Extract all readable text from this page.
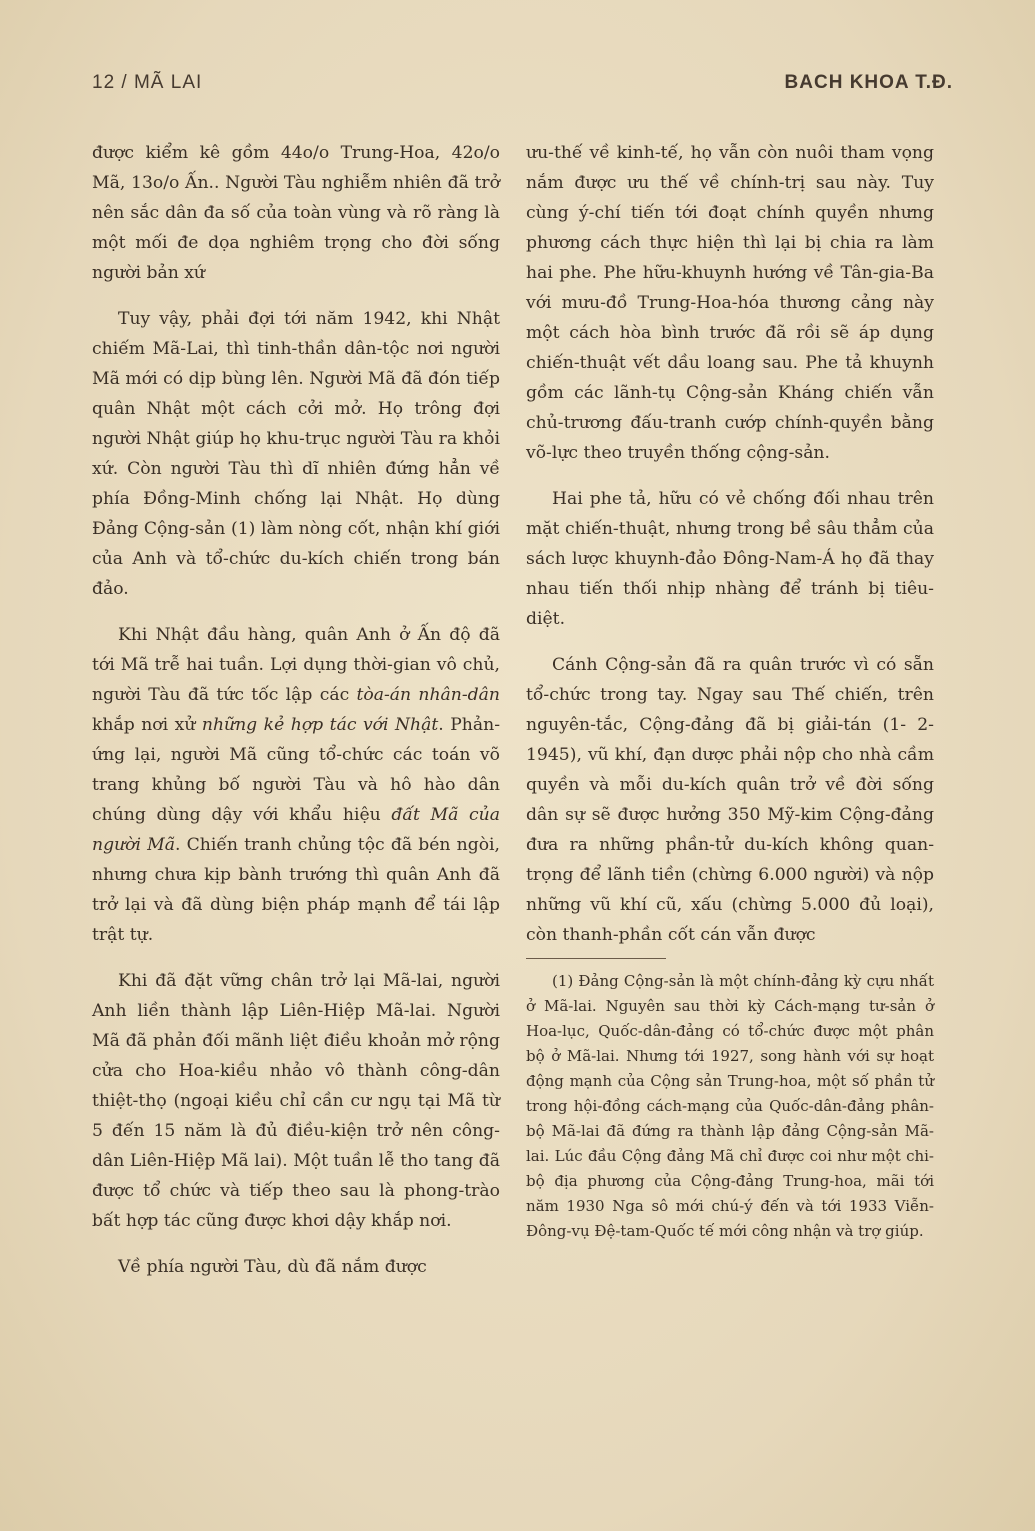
12 / MÃ LAI	BACH KHOA T.Đ.

được kiểm kê gồm 44o/o Trung-Hoa, 42o/o Mã, 13o/o Ấn.. Người Tàu nghiễm nhiên đã trở nên sắc dân đa số của toàn vùng và rõ ràng là một mối đe dọa nghiêm trọng cho đời sống người bản xứ

Tuy vậy, phải đợi tới năm 1942, khi Nhật chiếm Mã-Lai, thì tinh-thần dân-tộc nơi người Mã mới có dịp bùng lên. Người Mã đã đón tiếp quân Nhật một cách cởi mở. Họ trông đợi người Nhật giúp họ khu-trục người Tàu ra khỏi xứ. Còn người Tàu thì dĩ nhiên đứng hẳn về phía Đồng-Minh chống lại Nhật. Họ dùng Đảng Cộng-sản (1) làm nòng cốt, nhận khí giới của Anh và tổ-chức du-kích chiến trong bán đảo.

Khi Nhật đầu hàng, quân Anh ở Ấn độ đã tới Mã trễ hai tuần. Lợi dụng thời-gian vô chủ, người Tàu đã tức tốc lập các tòa-án nhân-dân khắp nơi xử những kẻ hợp tác với Nhật. Phản-ứng lại, người Mã cũng tổ-chức các toán võ trang khủng bố người Tàu và hô hào dân chúng dùng dậy với khẩu hiệu đất Mã của người Mã. Chiến tranh chủng tộc đã bén ngòi, nhưng chưa kịp bành trướng thì quân Anh đã trở lại và đã dùng biện pháp mạnh để tái lập trật tự.

Khi đã đặt vững chân trở lại Mã-lai, người Anh liền thành lập Liên-Hiệp Mã-lai. Người Mã đã phản đối mãnh liệt điều khoản mở rộng cửa cho Hoa-kiều nhảo vô thành công-dân thiệt-thọ (ngoại kiều chỉ cần cư ngụ tại Mã từ 5 đến 15 năm là đủ điều-kiện trở nên công-dân Liên-Hiệp Mã lai). Một tuần lễ tho tang đã được tổ chức và tiếp theo sau là phong-trào bất hợp tác cũng được khơi dậy khắp nơi.

Về phía người Tàu, dù đã nắm được

ưu-thế về kinh-tế, họ vẫn còn nuôi tham vọng nắm được ưu thế về chính-trị sau này. Tuy cùng ý-chí tiến tới đoạt chính quyền nhưng phương cách thực hiện thì lại bị chia ra làm hai phe. Phe hữu-khuynh hướng về Tân-gia-Ba với mưu-đồ Trung-Hoa-hóa thương cảng này một cách hòa bình trước đã rồi sẽ áp dụng chiến-thuật vết dầu loang sau. Phe tả khuynh gồm các lãnh-tụ Cộng-sản Kháng chiến vẫn chủ-trương đấu-tranh cướp chính-quyền bằng võ-lực theo truyền thống cộng-sản.

Hai phe tả, hữu có vẻ chống đối nhau trên mặt chiến-thuật, nhưng trong bề sâu thẳm của sách lược khuynh-đảo Đông-Nam-Á họ đã thay nhau tiến thối nhịp nhàng để tránh bị tiêu-diệt.

Cánh Cộng-sản đã ra quân trước vì có sẵn tổ-chức trong tay. Ngay sau Thế chiến, trên nguyên-tắc, Cộng-đảng đã bị giải-tán (1- 2-1945), vũ khí, đạn dược phải nộp cho nhà cầm quyền và mỗi du-kích quân trở về đời sống dân sự sẽ được hưởng 350 Mỹ-kim Cộng-đảng đưa ra những phần-tử du-kích không quan-trọng để lãnh tiền (chừng 6.000 người) và nộp những vũ khí cũ, xấu (chừng 5.000 đủ loại), còn thanh-phần cốt cán vẫn được

(1) Đảng Cộng-sản là một chính-đảng kỳ cựu nhất ở Mã-lai. Nguyên sau thời kỳ Cách-mạng tư-sản ở Hoa-lục, Quốc-dân-đảng có tổ-chức được một phân bộ ở Mã-lai. Nhưng tới 1927, song hành với sự hoạt động mạnh của Cộng sản Trung-hoa, một số phần tử trong hội-đồng cách-mạng của Quốc-dân-đảng phân-bộ Mã-lai đã đứng ra thành lập đảng Cộng-sản Mã-lai. Lúc đầu Cộng đảng Mã chỉ được coi như một chi-bộ địa phương của Cộng-đảng Trung-hoa, mãi tới năm 1930 Nga sô mới chú-ý đến và tới 1933 Viễn-Đông-vụ Đệ-tam-Quốc tế mới công nhận và trợ giúp.
